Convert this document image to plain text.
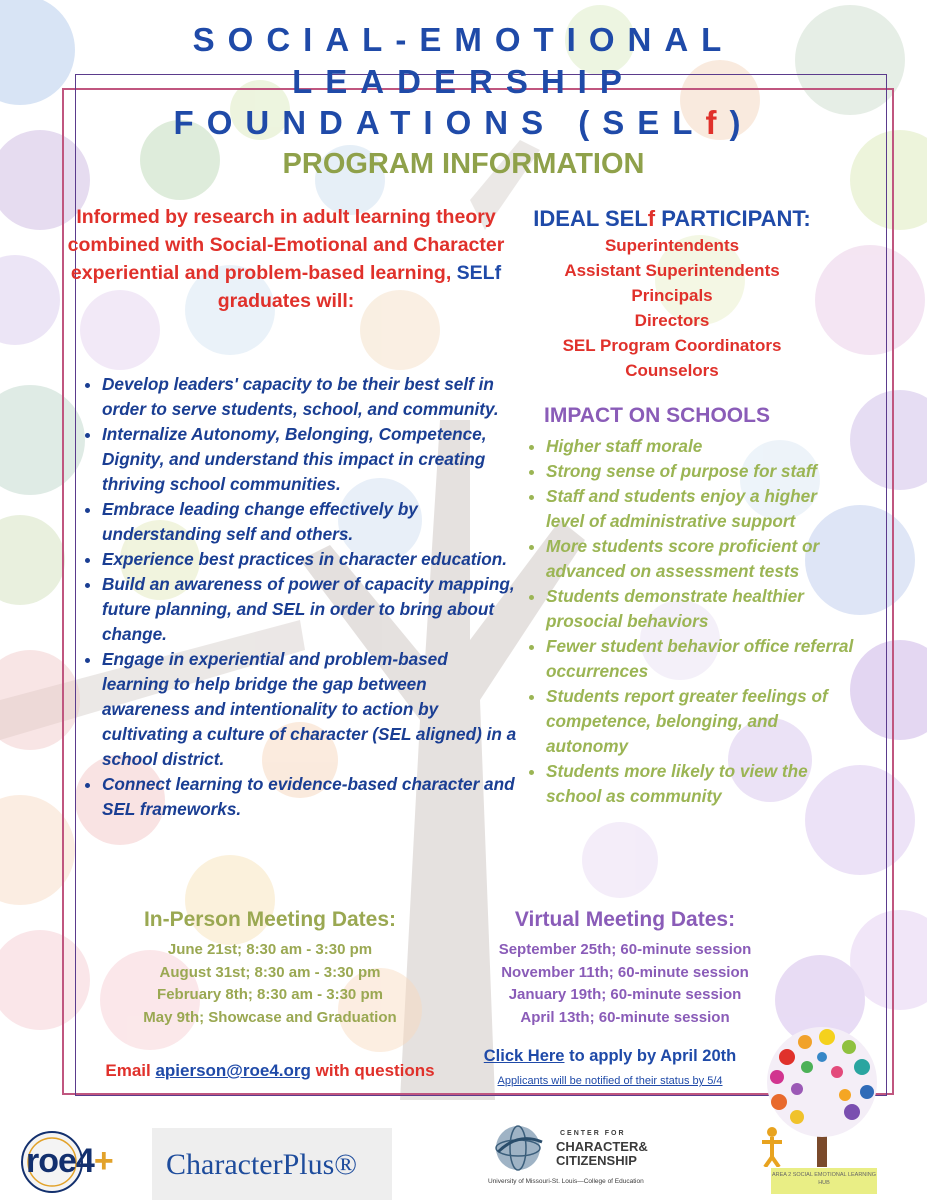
SOCIAL-EMOTIONAL
LEADERSHIP
FOUNDATIONS (SELf)
PROGRAM INFORMATION
Informed by research in adult learning theory combined with Social-Emotional and Character experiential and problem-based learning, SELf graduates will:
• Develop leaders' capacity to be their best self in order to serve students, school, and community.
• Internalize Autonomy, Belonging, Competence, Dignity, and understand this impact in creating thriving school communities.
• Embrace leading change effectively by understanding self and others.
• Experience best practices in character education.
• Build an awareness of power of capacity mapping, future planning, and SEL in order to bring about change.
• Engage in experiential and problem-based learning to help bridge the gap between awareness and intentionality to action by cultivating a culture of character (SEL aligned) in a school district.
• Connect learning to evidence-based character and SEL frameworks.
IDEAL SELf PARTICIPANT:
Superintendents
Assistant Superintendents
Principals
Directors
SEL Program Coordinators
Counselors
IMPACT ON SCHOOLS
• Higher staff morale
• Strong sense of purpose for staff
• Staff and students enjoy a higher level of administrative support
• More students score proficient or advanced on assessment tests
• Students demonstrate healthier prosocial behaviors
• Fewer student behavior office referral occurrences
• Students report greater feelings of competence, belonging, and autonomy
• Students more likely to view the school as community
In-Person Meeting Dates:
June 21st; 8:30 am - 3:30 pm
August 31st; 8:30 am - 3:30 pm
February 8th; 8:30 am - 3:30 pm
May 9th; Showcase and Graduation
Virtual Meeting Dates:
September 25th; 60-minute session
November 11th; 60-minute session
January 19th; 60-minute session
April 13th; 60-minute session
Email apierson@roe4.org with questions
Click Here to apply by April 20th
Applicants will be notified of their status by 5/4
roe4+ CharacterPlus®
CENTER FOR
CHARACTER&
CITIZENSHIP
University of Missouri-St. Louis—College of Education
AREA 2 SOCIAL EMOTIONAL LEARNING HUB
